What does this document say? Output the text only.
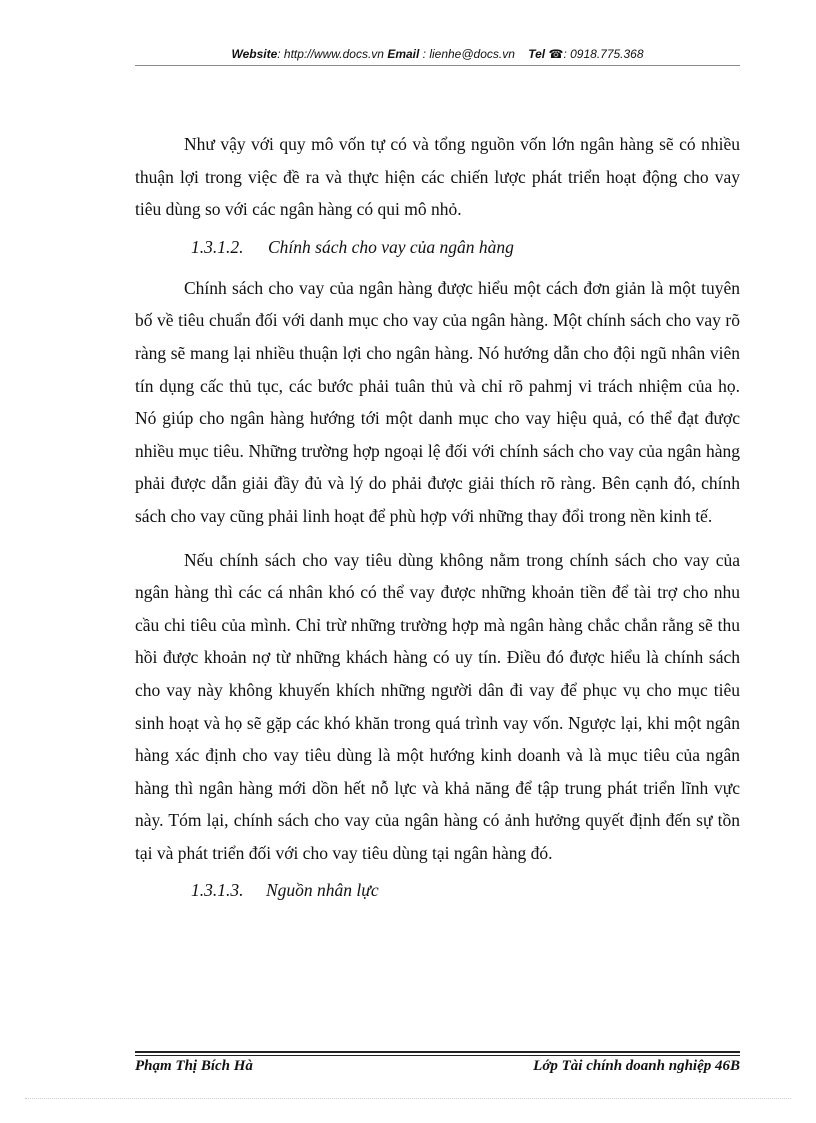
Website: http://www.docs.vn Email : lienhe@docs.vn Tel ☎: 0918.775.368

Như vậy với quy mô vốn tự có và tổng nguồn vốn lớn ngân hàng sẽ có nhiều thuận lợi trong việc đề ra và thực hiện các chiến lược phát triển hoạt động cho vay tiêu dùng so với các ngân hàng có qui mô nhỏ.

1.3.1.2. Chính sách cho vay của ngân hàng

Chính sách cho vay của ngân hàng được hiểu một cách đơn giản là một tuyên bố về tiêu chuẩn đối với danh mục cho vay của ngân hàng. Một chính sách cho vay rõ ràng sẽ mang lại nhiều thuận lợi cho ngân hàng. Nó hướng dẫn cho đội ngũ nhân viên tín dụng cấc thủ tục, các bước phải tuân thủ và chỉ rõ pahmj vi trách nhiệm của họ. Nó giúp cho ngân hàng hướng tới một danh mục cho vay hiệu quả, có thể đạt được nhiều mục tiêu. Những trường hợp ngoại lệ đối với chính sách cho vay của ngân hàng phải được dẫn giải đầy đủ và lý do phải được giải thích rõ ràng. Bên cạnh đó, chính sách cho vay cũng phải linh hoạt để phù hợp với những thay đổi trong nền kinh tế.

Nếu chính sách cho vay tiêu dùng không nằm trong chính sách cho vay của ngân hàng thì các cá nhân khó có thể vay được những khoản tiền để tài trợ cho nhu cầu chi tiêu của mình. Chỉ trừ những trường hợp mà ngân hàng chắc chắn rằng sẽ thu hồi được khoản nợ từ những khách hàng có uy tín. Điều đó được hiểu là chính sách cho vay này không khuyến khích những người dân đi vay để phục vụ cho mục tiêu sinh hoạt và họ sẽ gặp các khó khăn trong quá trình vay vốn. Ngược lại, khi một ngân hàng xác định cho vay tiêu dùng là một hướng kinh doanh và là mục tiêu của ngân hàng thì ngân hàng mới dồn hết nỗ lực và khả năng để tập trung phát triển lĩnh vực này. Tóm lại, chính sách cho vay của ngân hàng có ảnh hưởng quyết định đến sự tồn tại và phát triển đối với cho vay tiêu dùng tại ngân hàng đó.

1.3.1.3. Nguồn nhân lực
Phạm Thị Bích Hà	Lớp Tài chính doanh nghiệp 46B
